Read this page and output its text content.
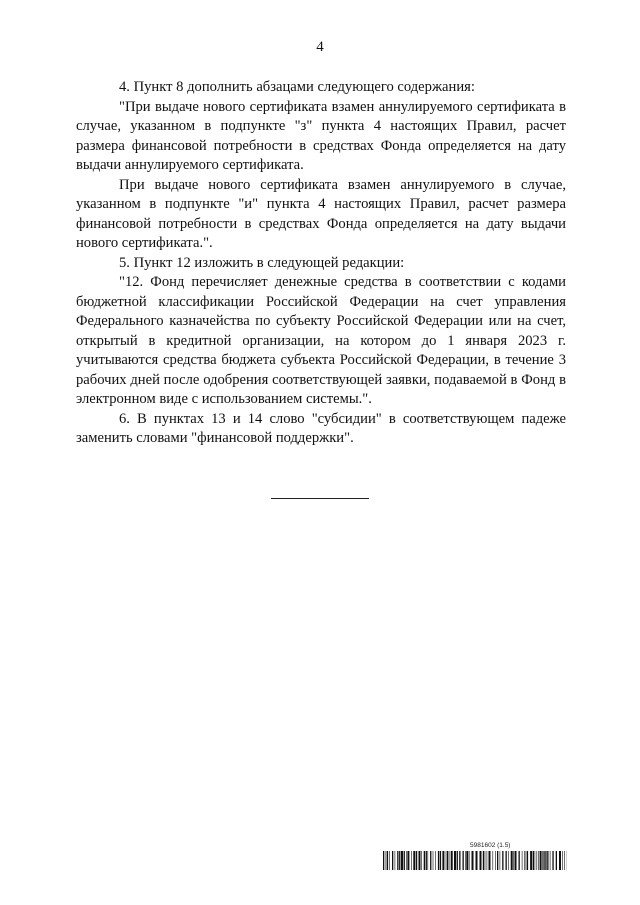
4

4. Пункт 8 дополнить абзацами следующего содержания:

"При выдаче нового сертификата взамен аннулируемого сертификата в случае, указанном в подпункте "з" пункта 4 настоящих Правил, расчет размера финансовой потребности в средствах Фонда определяется на дату выдачи аннулируемого сертификата.

При выдаче нового сертификата взамен аннулируемого в случае, указанном в подпункте "и" пункта 4 настоящих Правил, расчет размера финансовой потребности в средствах Фонда определяется на дату выдачи нового сертификата.".

5. Пункт 12 изложить в следующей редакции:

"12. Фонд перечисляет денежные средства в соответствии с кодами бюджетной классификации Российской Федерации на счет управления Федерального казначейства по субъекту Российской Федерации или на счет, открытый в кредитной организации, на котором до 1 января 2023 г. учитываются средства бюджета субъекта Российской Федерации, в течение 3 рабочих дней после одобрения соответствующей заявки, подаваемой в Фонд в электронном виде с использованием системы.".

6. В пунктах 13 и 14 слово "субсидии" в соответствующем падеже заменить словами "финансовой поддержки".

5981602 (1.5)
